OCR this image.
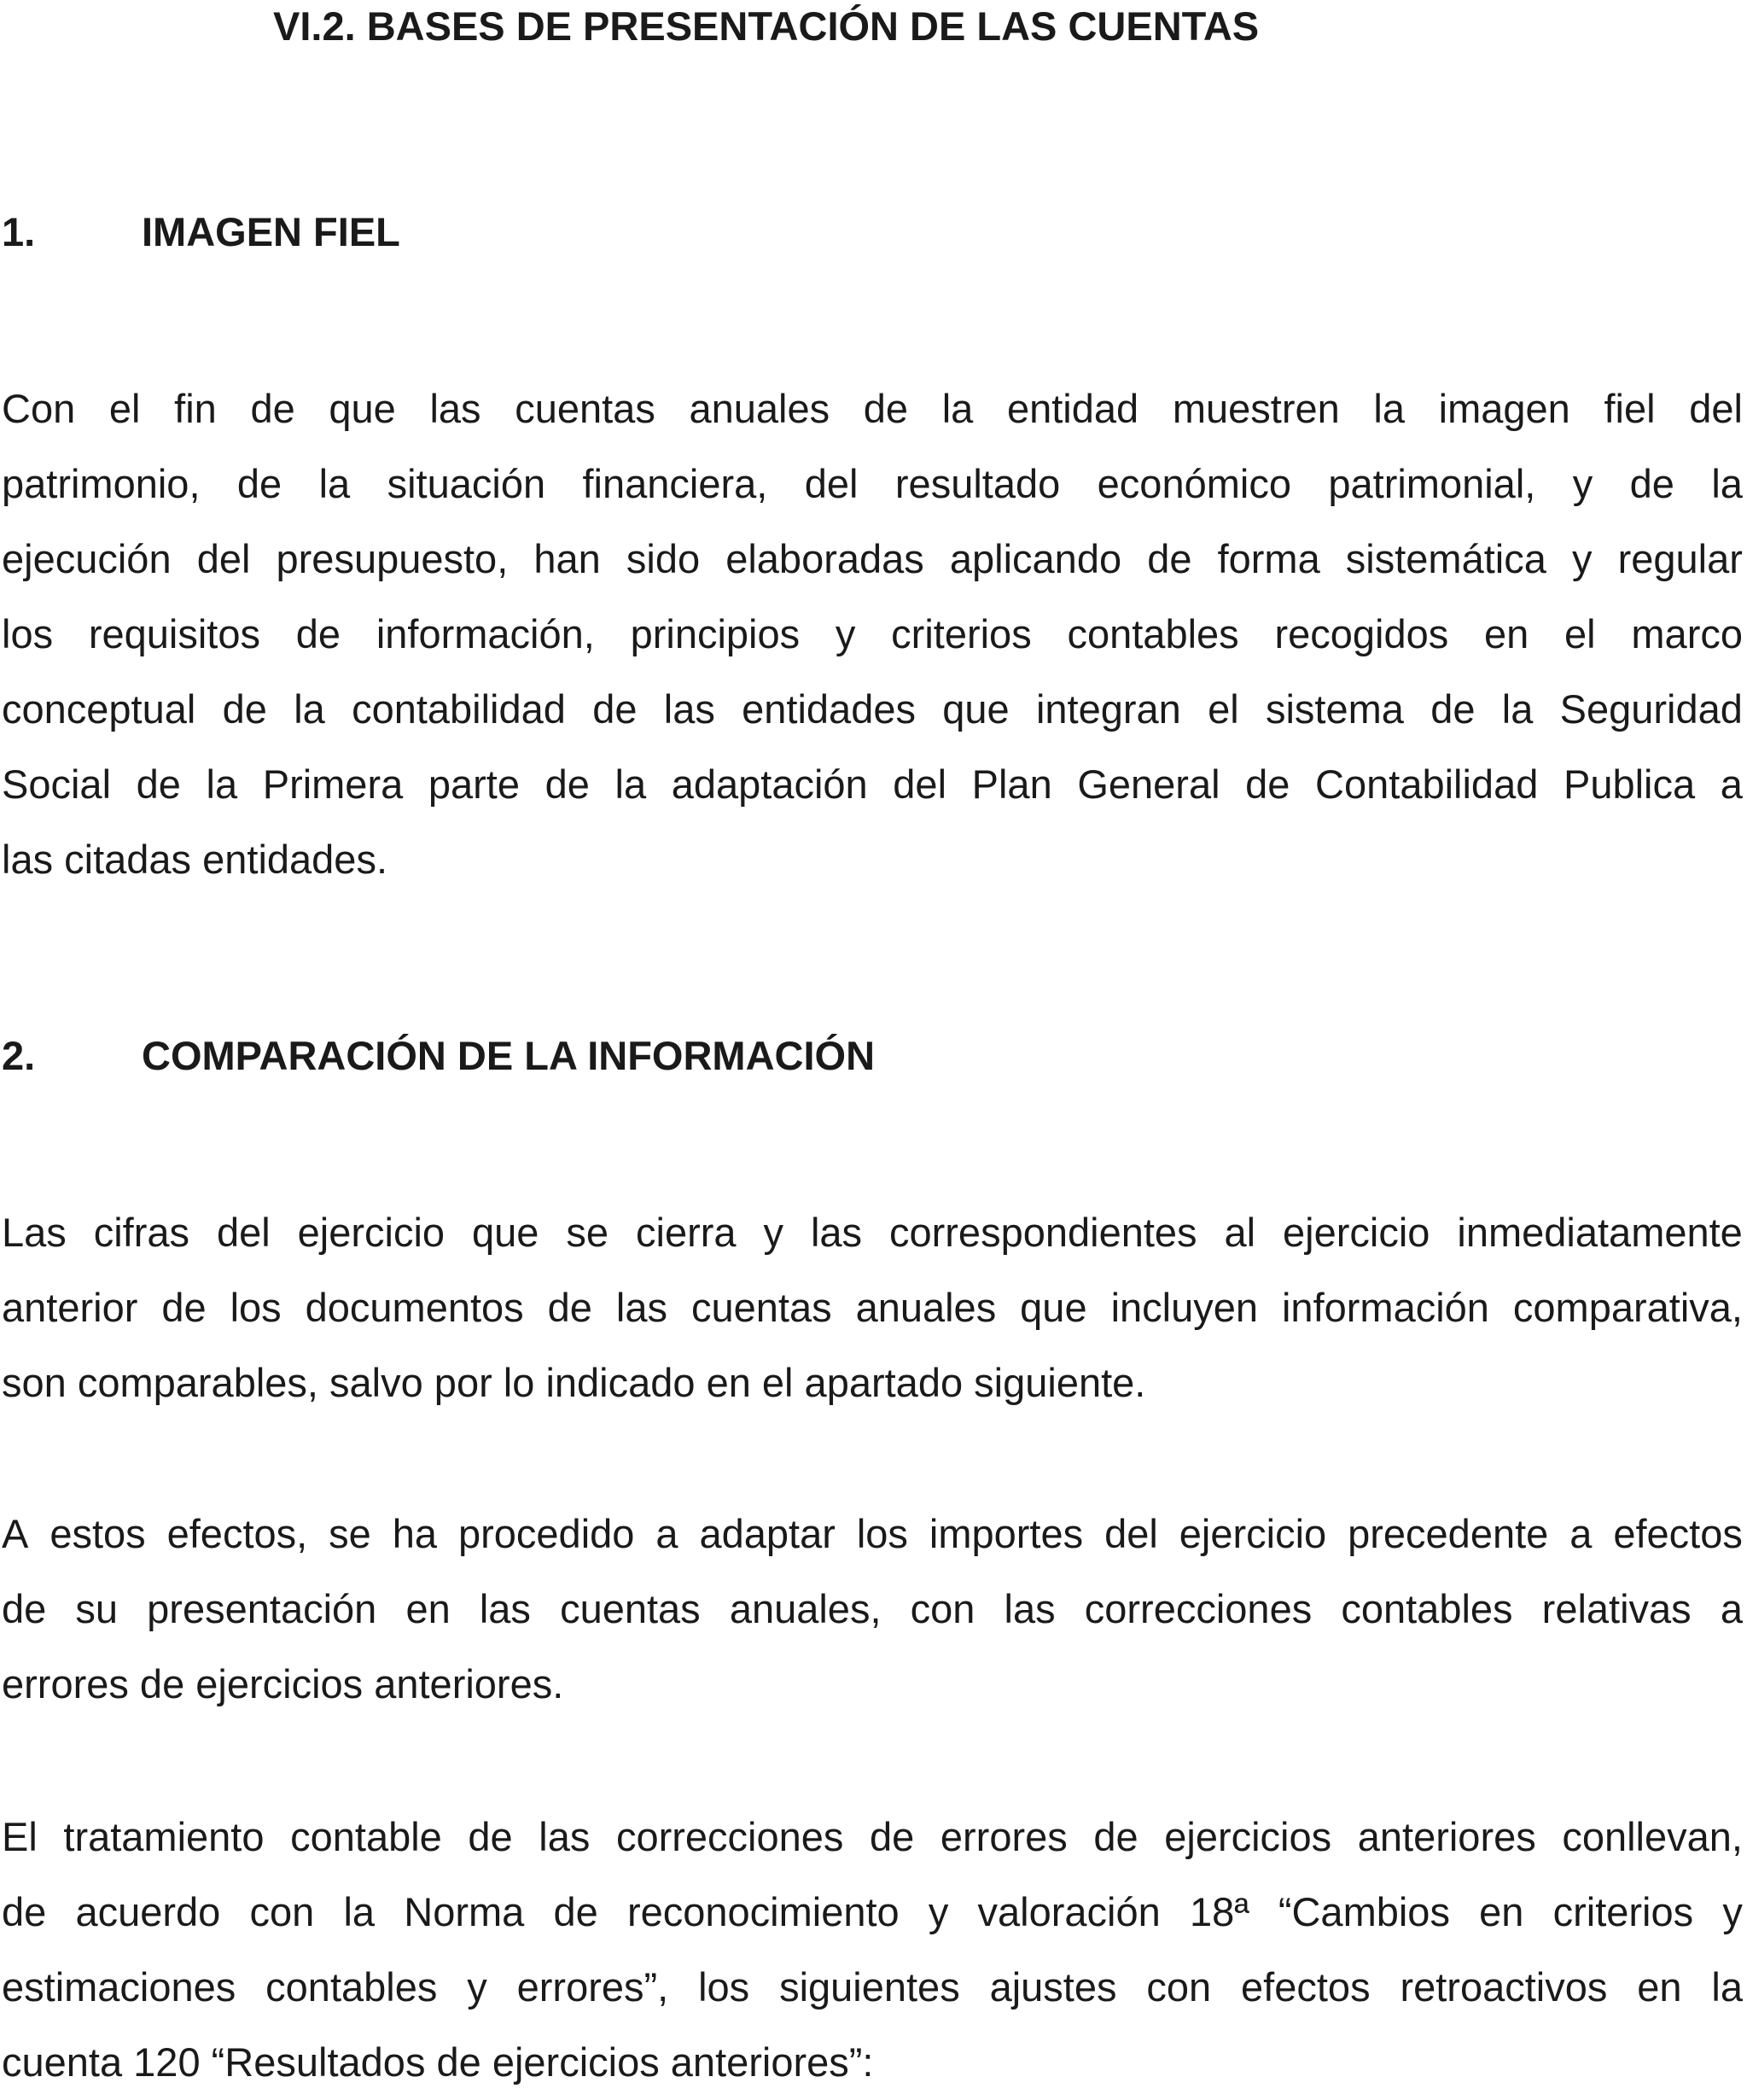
VI.2. BASES DE PRESENTACIÓN DE LAS CUENTAS
1.	IMAGEN FIEL
Con el fin de que las cuentas anuales de la entidad muestren la imagen fiel del
patrimonio, de la situación financiera, del resultado económico patrimonial, y de la
ejecución del presupuesto, han sido elaboradas aplicando de forma sistemática y regular
los requisitos de información, principios y criterios contables recogidos en el marco
conceptual de la contabilidad de las entidades que integran el sistema de la Seguridad
Social de la Primera parte de la adaptación del Plan General de Contabilidad Publica a
las citadas entidades.
2.	COMPARACIÓN DE LA INFORMACIÓN
Las cifras del ejercicio que se cierra y las correspondientes al ejercicio inmediatamente
anterior de los documentos de las cuentas anuales que incluyen información comparativa,
son comparables, salvo por lo indicado en el apartado siguiente.
A estos efectos, se ha procedido a adaptar los importes del ejercicio precedente a efectos
de su presentación en las cuentas anuales, con las correcciones contables relativas a
errores de ejercicios anteriores.
El tratamiento contable de las correcciones de errores de ejercicios anteriores conllevan,
de acuerdo con la Norma de reconocimiento y valoración 18ª “Cambios en criterios y
estimaciones contables y errores”, los siguientes ajustes con efectos retroactivos en la
cuenta 120 “Resultados de ejercicios anteriores”:
